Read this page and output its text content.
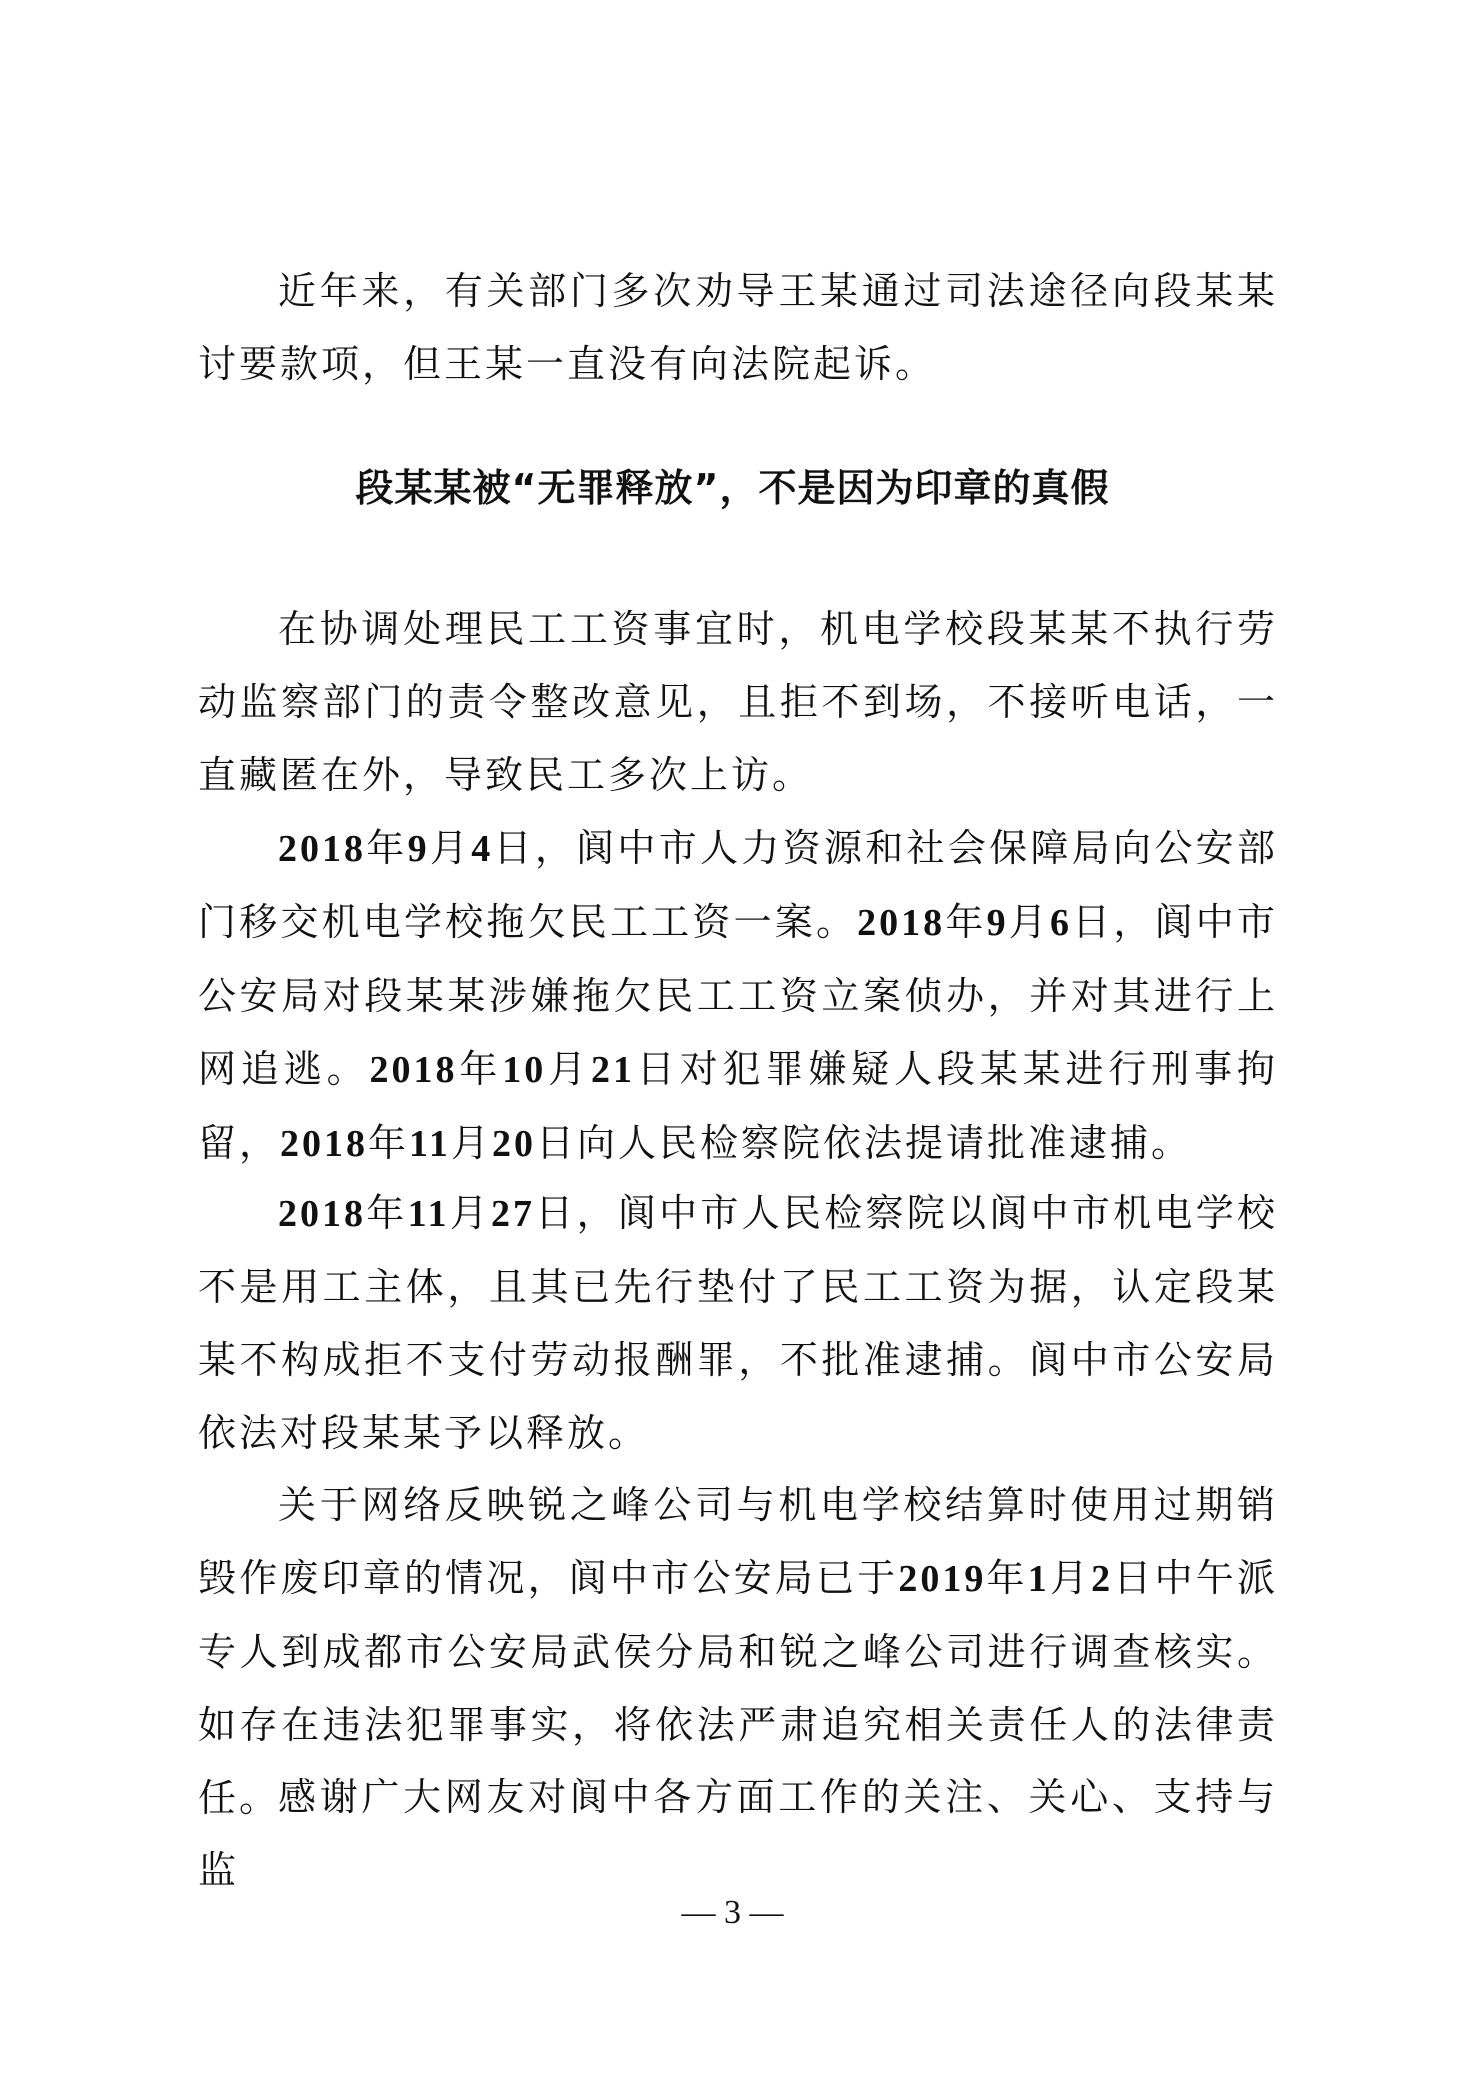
近年来，有关部门多次劝导王某通过司法途径向段某某讨要款项，但王某一直没有向法院起诉。

段某某被“无罪释放”，不是因为印章的真假

在协调处理民工工资事宜时，机电学校段某某不执行劳动监察部门的责令整改意见，且拒不到场，不接听电话，一直藏匿在外，导致民工多次上访。

2018年9月4日，阆中市人力资源和社会保障局向公安部门移交机电学校拖欠民工工资一案。2018年9月6日，阆中市公安局对段某某涉嫌拖欠民工工资立案侦办，并对其进行上网追逃。2018年10月21日对犯罪嫌疑人段某某进行刑事拘留，2018年11月20日向人民检察院依法提请批准逮捕。

2018年11月27日，阆中市人民检察院以阆中市机电学校不是用工主体，且其已先行垫付了民工工资为据，认定段某某不构成拒不支付劳动报酬罪，不批准逮捕。阆中市公安局依法对段某某予以释放。

关于网络反映锐之峰公司与机电学校结算时使用过期销毁作废印章的情况，阆中市公安局已于2019年1月2日中午派专人到成都市公安局武侯分局和锐之峰公司进行调查核实。如存在违法犯罪事实，将依法严肃追究相关责任人的法律责任。

感谢广大网友对阆中各方面工作的关注、关心、支持与监

— 3 —
